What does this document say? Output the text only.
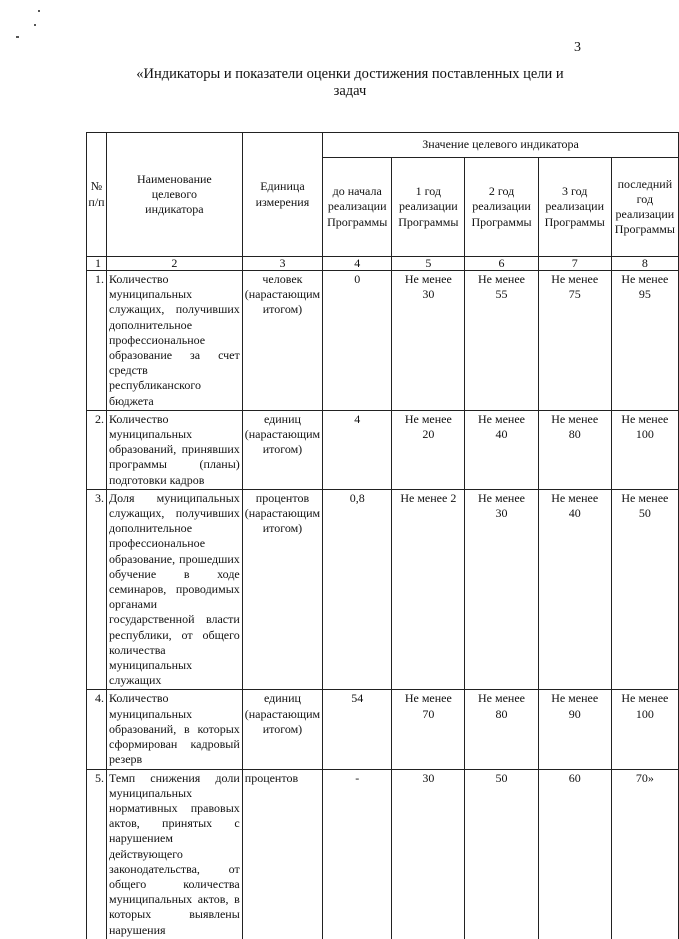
3
«Индикаторы и показатели оценки достижения поставленных цели и задач
№ п/п	Наименование целевого индикатора	Единица измерения	Значение целевого индикатора				
			до начала реализации Программы	1 год реализации Программы	2 год реализации Программы	3 год реализации Программы	последний год реализации Программы
1	2	3	4	5	6	7	8
1.	Количество муниципальных служащих, получивших дополнительное профессиональное образование за счет средств республиканского бюджета	человек (нарастающим итогом)	0	Не менее 30	Не менее 55	Не менее 75	Не менее 95
2.	Количество муниципальных образований, принявших программы (планы) подготовки кадров	единиц (нарастающим итогом)	4	Не менее 20	Не менее 40	Не менее 80	Не менее 100
3.	Доля муниципальных служащих, получивших дополнительное профессиональное образование, прошедших обучение в ходе семинаров, проводимых органами государственной власти республики, от общего количества муниципальных служащих	процентов (нарастающим итогом)	0,8	Не менее 2	Не менее 30	Не менее 40	Не менее 50
4.	Количество муниципальных образований, в которых сформирован кадровый резерв	единиц (нарастающим итогом)	54	Не менее 70	Не менее 80	Не менее 90	Не менее 100
5.	Темп снижения доли муниципальных нормативных правовых актов, принятых с нарушением действующего законодательства, от общего количества муниципальных актов, в которых выявлены нарушения	процентов	-	30	50	60	70»
